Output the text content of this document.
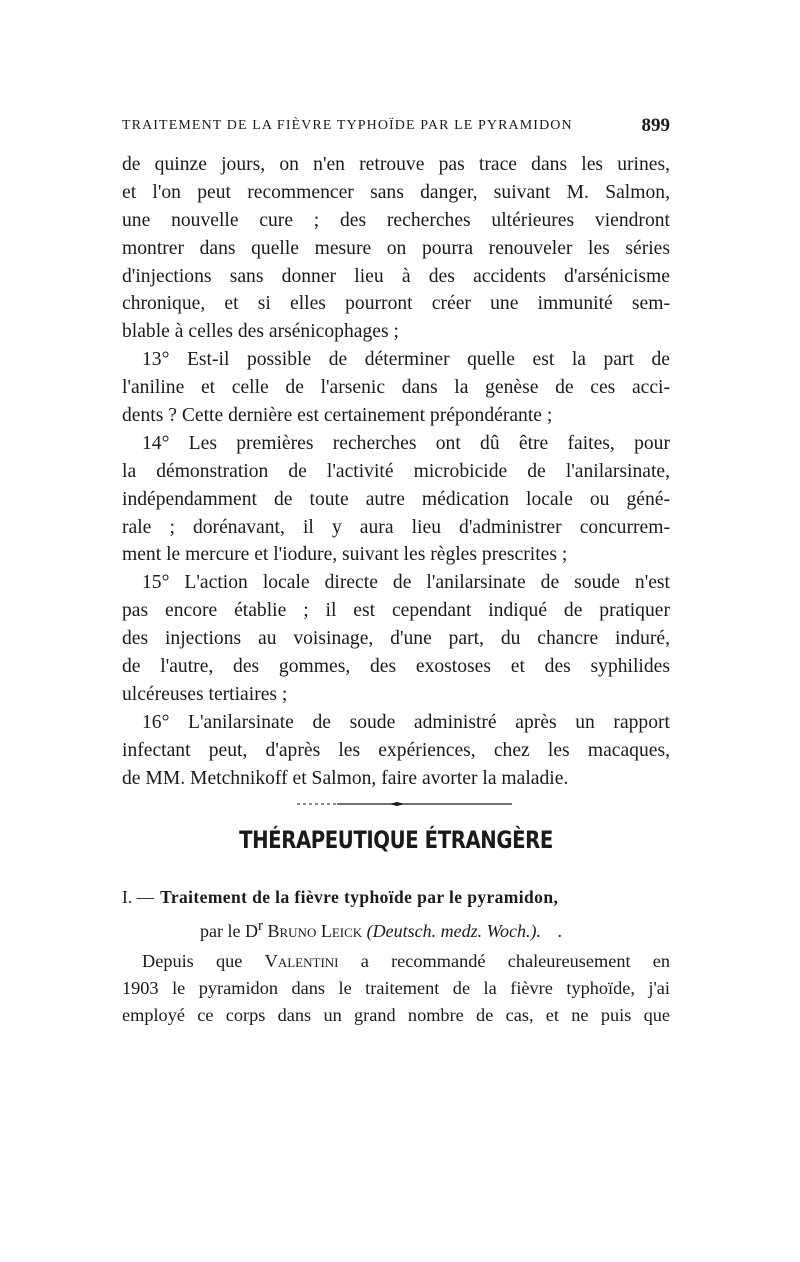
TRAITEMENT DE LA FIÈVRE TYPHOÏDE PAR LE PYRAMIDON	899
de quinze jours, on n'en retrouve pas trace dans les urines,
et l'on peut recommencer sans danger, suivant M. Salmon,
une nouvelle cure ; des recherches ultérieures viendront
montrer dans quelle mesure on pourra renouveler les séries
d'injections sans donner lieu à des accidents d'arsénicisme
chronique, et si elles pourront créer une immunité sem-
blable à celles des arsénicophages ;
13° Est-il possible de déterminer quelle est la part de
l'aniline et celle de l'arsenic dans la genèse de ces acci-
dents ? Cette dernière est certainement prépondérante ;
14° Les premières recherches ont dû être faites, pour
la démonstration de l'activité microbicide de l'anilarsinate,
indépendamment de toute autre médication locale ou géné-
rale ; dorénavant, il y aura lieu d'administrer concurrem-
ment le mercure et l'iodure, suivant les règles prescrites ;
15° L'action locale directe de l'anilarsinate de soude n'est
pas encore établie ; il est cependant indiqué de pratiquer
des injections au voisinage, d'une part, du chancre induré,
de l'autre, des gommes, des exostoses et des syphilides
ulcéreuses tertiaires ;
16° L'anilarsinate de soude administré après un rapport
infectant peut, d'après les expériences, chez les macaques,
de MM. Metchnikoff et Salmon, faire avorter la maladie.
THÉRAPEUTIQUE ÉTRANGÈRE
I. — Traitement de la fièvre typhoïde par le pyramidon,
par le $D^r$ Bruno Leick (Deutsch. medz. Woch.). .
Depuis que Valentini a recommandé chaleureusement en
1903 le pyramidon dans le traitement de la fièvre typhoïde, j'ai
employé ce corps dans un grand nombre de cas, et ne puis que
